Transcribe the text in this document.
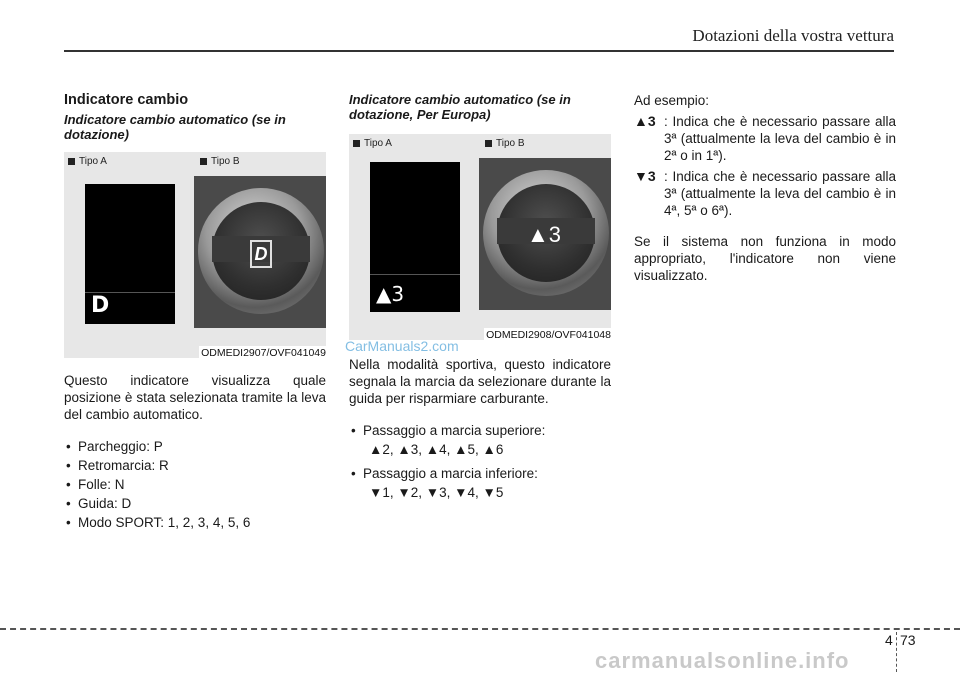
Dotazioni della vostra vettura
Indicatore cambio
Indicatore cambio automatico (se in dotazione)
Tipo A	Tipo B
D
D
ODMEDI2907/OVF041049

Questo indicatore visualizza quale posizione è stata selezionata tramite la leva del cambio automatico.

• Parcheggio: P
• Retromarcia: R
• Folle: N
• Guida: D
• Modo SPORT: 1, 2, 3, 4, 5, 6
Indicatore cambio automatico (se in dotazione, Per Europa)
Tipo A	Tipo B
▲3
▲3
ODMEDI2908/OVF041048

Nella modalità sportiva, questo indicatore segnala la marcia da selezionare durante la guida per risparmiare carburante.

• Passaggio a marcia superiore:
▲2, ▲3, ▲4, ▲5, ▲6
• Passaggio a marcia inferiore:
▼1, ▼2, ▼3, ▼4, ▼5

Ad esempio:

▲3 : Indica che è necessario passare alla 3ª (attualmente la leva del cambio è in 2ª o in 1ª).
▼3 : Indica che è necessario passare alla 3ª (attualmente la leva del cambio è in 4ª, 5ª o 6ª).

Se il sistema non funziona in modo appropriato, l'indicatore non viene visualizzato.

CarManuals2.com
4 73
carmanualsonline.info
